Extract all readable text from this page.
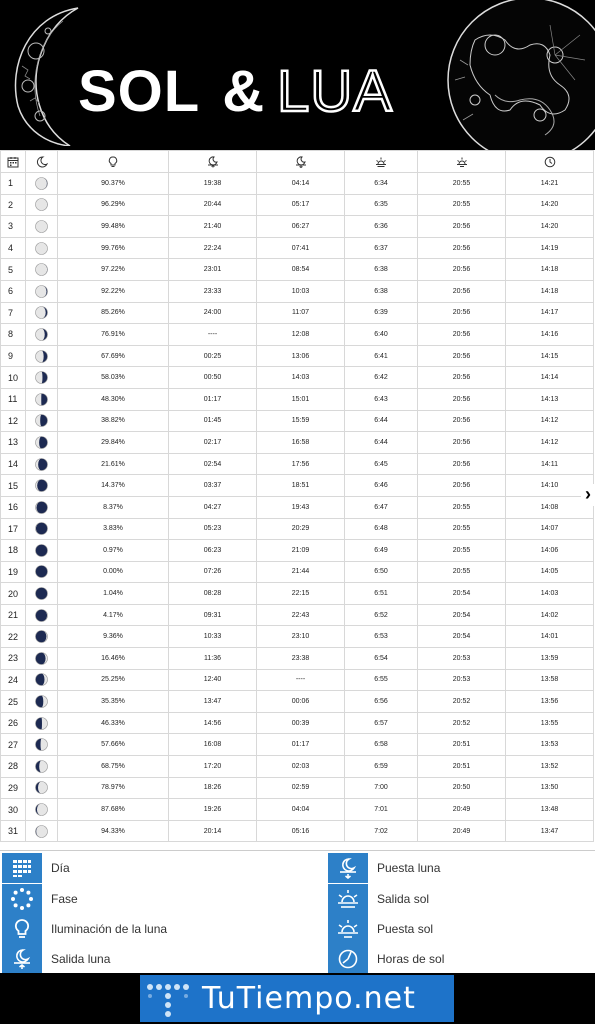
SOL & LUA

1		90.37%	19:38	04:14	6:34	20:55	14:21
2		96.29%	20:44	05:17	6:35	20:55	14:20
3		99.48%	21:40	06:27	6:36	20:56	14:20
4		99.76%	22:24	07:41	6:37	20:56	14:19
5		97.22%	23:01	08:54	6:38	20:56	14:18
6		92.22%	23:33	10:03	6:38	20:56	14:18
7		85.26%	24:00	11:07	6:39	20:56	14:17
8		76.91%	----	12:08	6:40	20:56	14:16
9		67.69%	00:25	13:06	6:41	20:56	14:15
10		58.03%	00:50	14:03	6:42	20:56	14:14
11		48.30%	01:17	15:01	6:43	20:56	14:13
12		38.82%	01:45	15:59	6:44	20:56	14:12
13		29.84%	02:17	16:58	6:44	20:56	14:12
14		21.61%	02:54	17:56	6:45	20:56	14:11
15		14.37%	03:37	18:51	6:46	20:56	14:10
16		8.37%	04:27	19:43	6:47	20:55	14:08
17		3.83%	05:23	20:29	6:48	20:55	14:07
18		0.97%	06:23	21:09	6:49	20:55	14:06
19		0.00%	07:26	21:44	6:50	20:55	14:05
20		1.04%	08:28	22:15	6:51	20:54	14:03
21		4.17%	09:31	22:43	6:52	20:54	14:02
22		9.36%	10:33	23:10	6:53	20:54	14:01
23		16.46%	11:36	23:38	6:54	20:53	13:59
24		25.25%	12:40	----	6:55	20:53	13:58
25		35.35%	13:47	00:06	6:56	20:52	13:56
26		46.33%	14:56	00:39	6:57	20:52	13:55
27		57.66%	16:08	01:17	6:58	20:51	13:53
28		68.75%	17:20	02:03	6:59	20:51	13:52
29		78.97%	18:26	02:59	7:00	20:50	13:50
30		87.68%	19:26	04:04	7:01	20:49	13:48
31		94.33%	20:14	05:16	7:02	20:49	13:47
›
Día
Fase
Iluminación de la luna
Salida luna
Puesta luna
Salida sol
Puesta sol
Horas de sol
TuTiempo.net
